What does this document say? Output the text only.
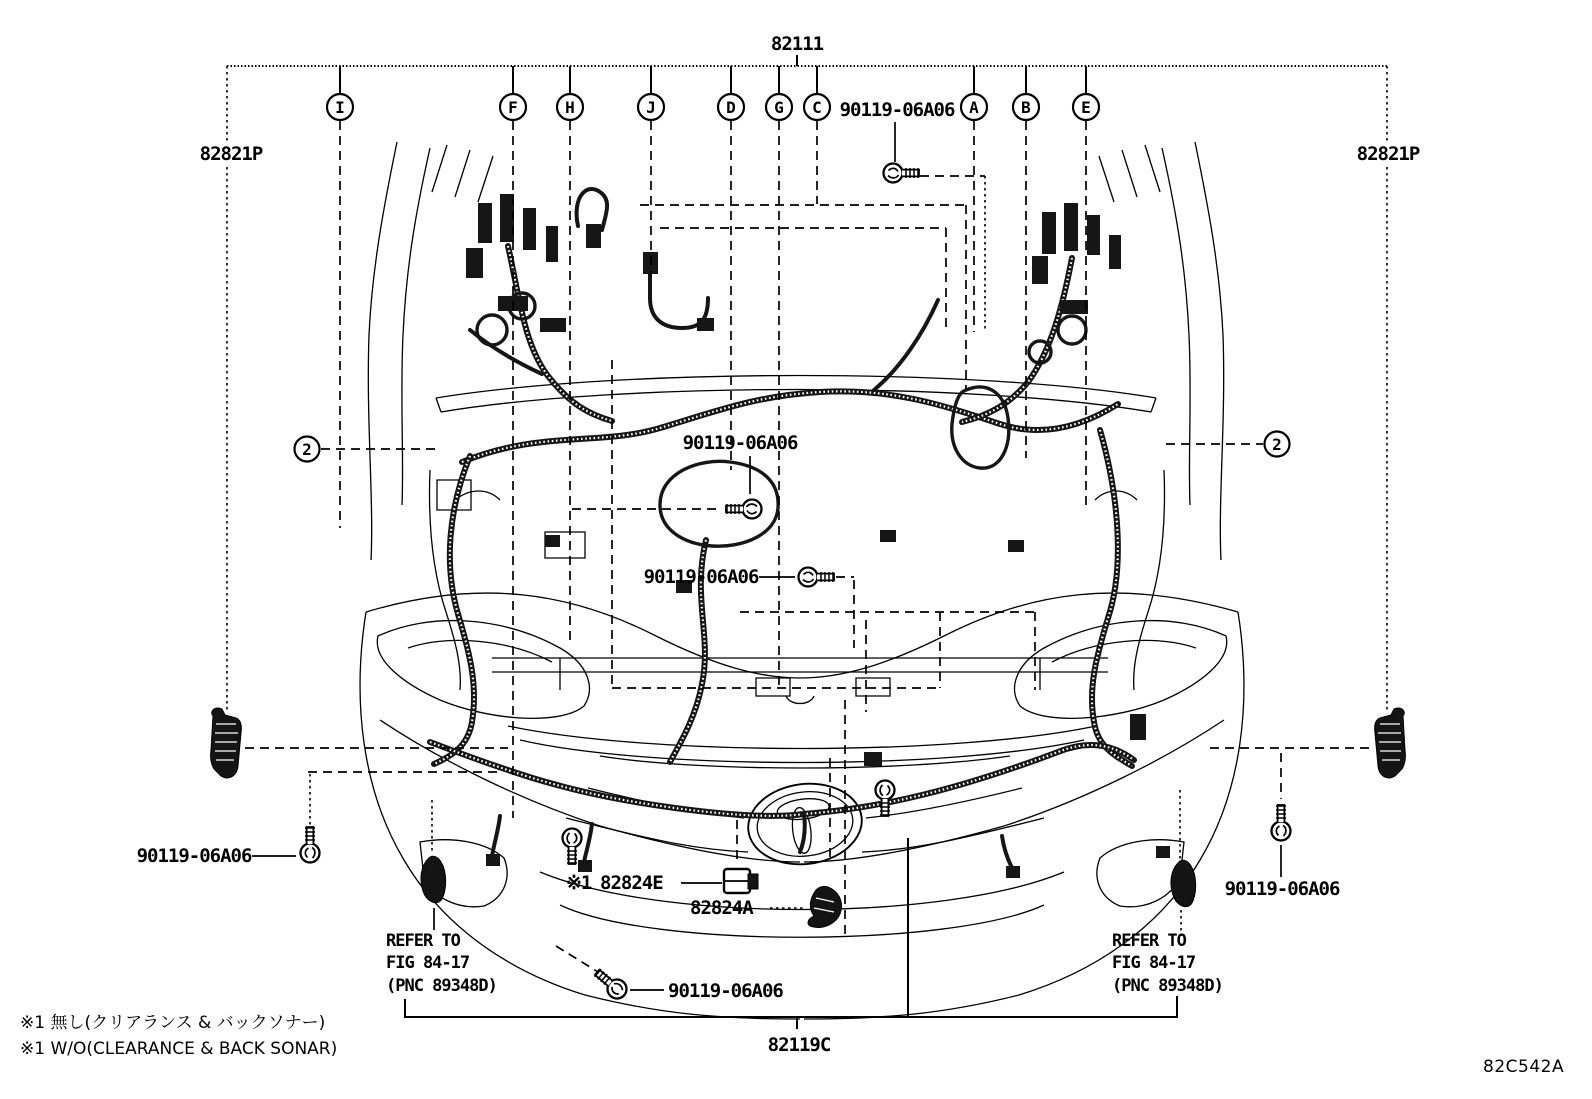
82111
I	F	H	J	D G C	A	B	E
82821P	82821P
2	2
90119-06A06
90119-06A06
90119-06A06
90119-06A06
90119-06A06
90119-06A06
※1 82824E
82824A
REFER TO
FIG 84-17
(PNC 89348D)
REFER TO
FIG 84-17
(PNC 89348D)
82119C
※1 無し(クリアランス & バックソナー)
※1 W/O(CLEARANCE & BACK SONAR)
82C542A
